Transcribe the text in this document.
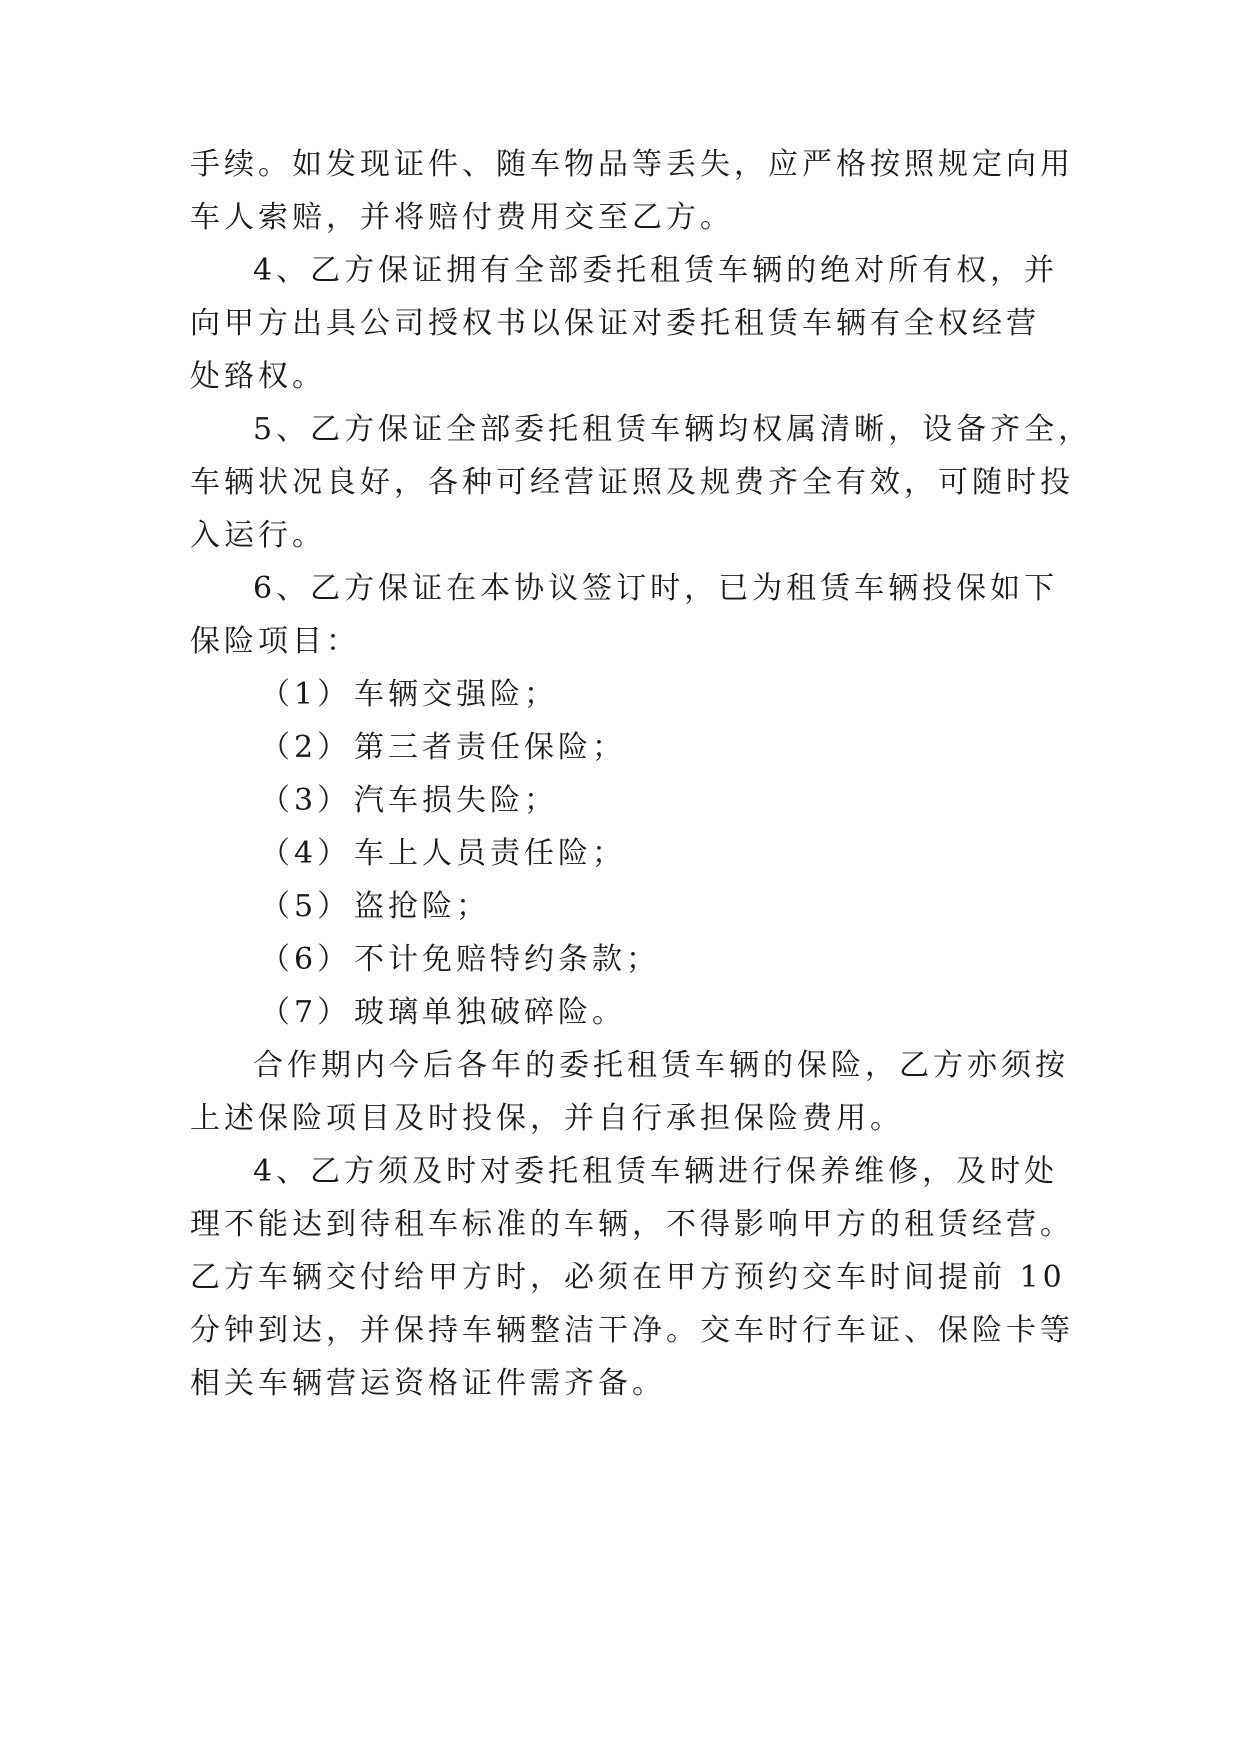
手续。如发现证件、随车物品等丢失，应严格按照规定向用
车人索赔，并将赔付费用交至乙方。
4、乙方保证拥有全部委托租赁车辆的绝对所有权，并
向甲方出具公司授权书以保证对委托租赁车辆有全权经营
处臵权。
5、乙方保证全部委托租赁车辆均权属清晰，设备齐全，
车辆状况良好，各种可经营证照及规费齐全有效，可随时投
入运行。
6、乙方保证在本协议签订时，已为租赁车辆投保如下
保险项目：
（1）车辆交强险；
（2）第三者责任保险；
（3）汽车损失险；
（4）车上人员责任险；
（5）盗抢险；
（6）不计免赔特约条款；
（7）玻璃单独破碎险。
合作期内今后各年的委托租赁车辆的保险，乙方亦须按
上述保险项目及时投保，并自行承担保险费用。
4、乙方须及时对委托租赁车辆进行保养维修，及时处
理不能达到待租车标准的车辆，不得影响甲方的租赁经营。
乙方车辆交付给甲方时，必须在甲方预约交车时间提前 10
分钟到达，并保持车辆整洁干净。交车时行车证、保险卡等
相关车辆营运资格证件需齐备。
